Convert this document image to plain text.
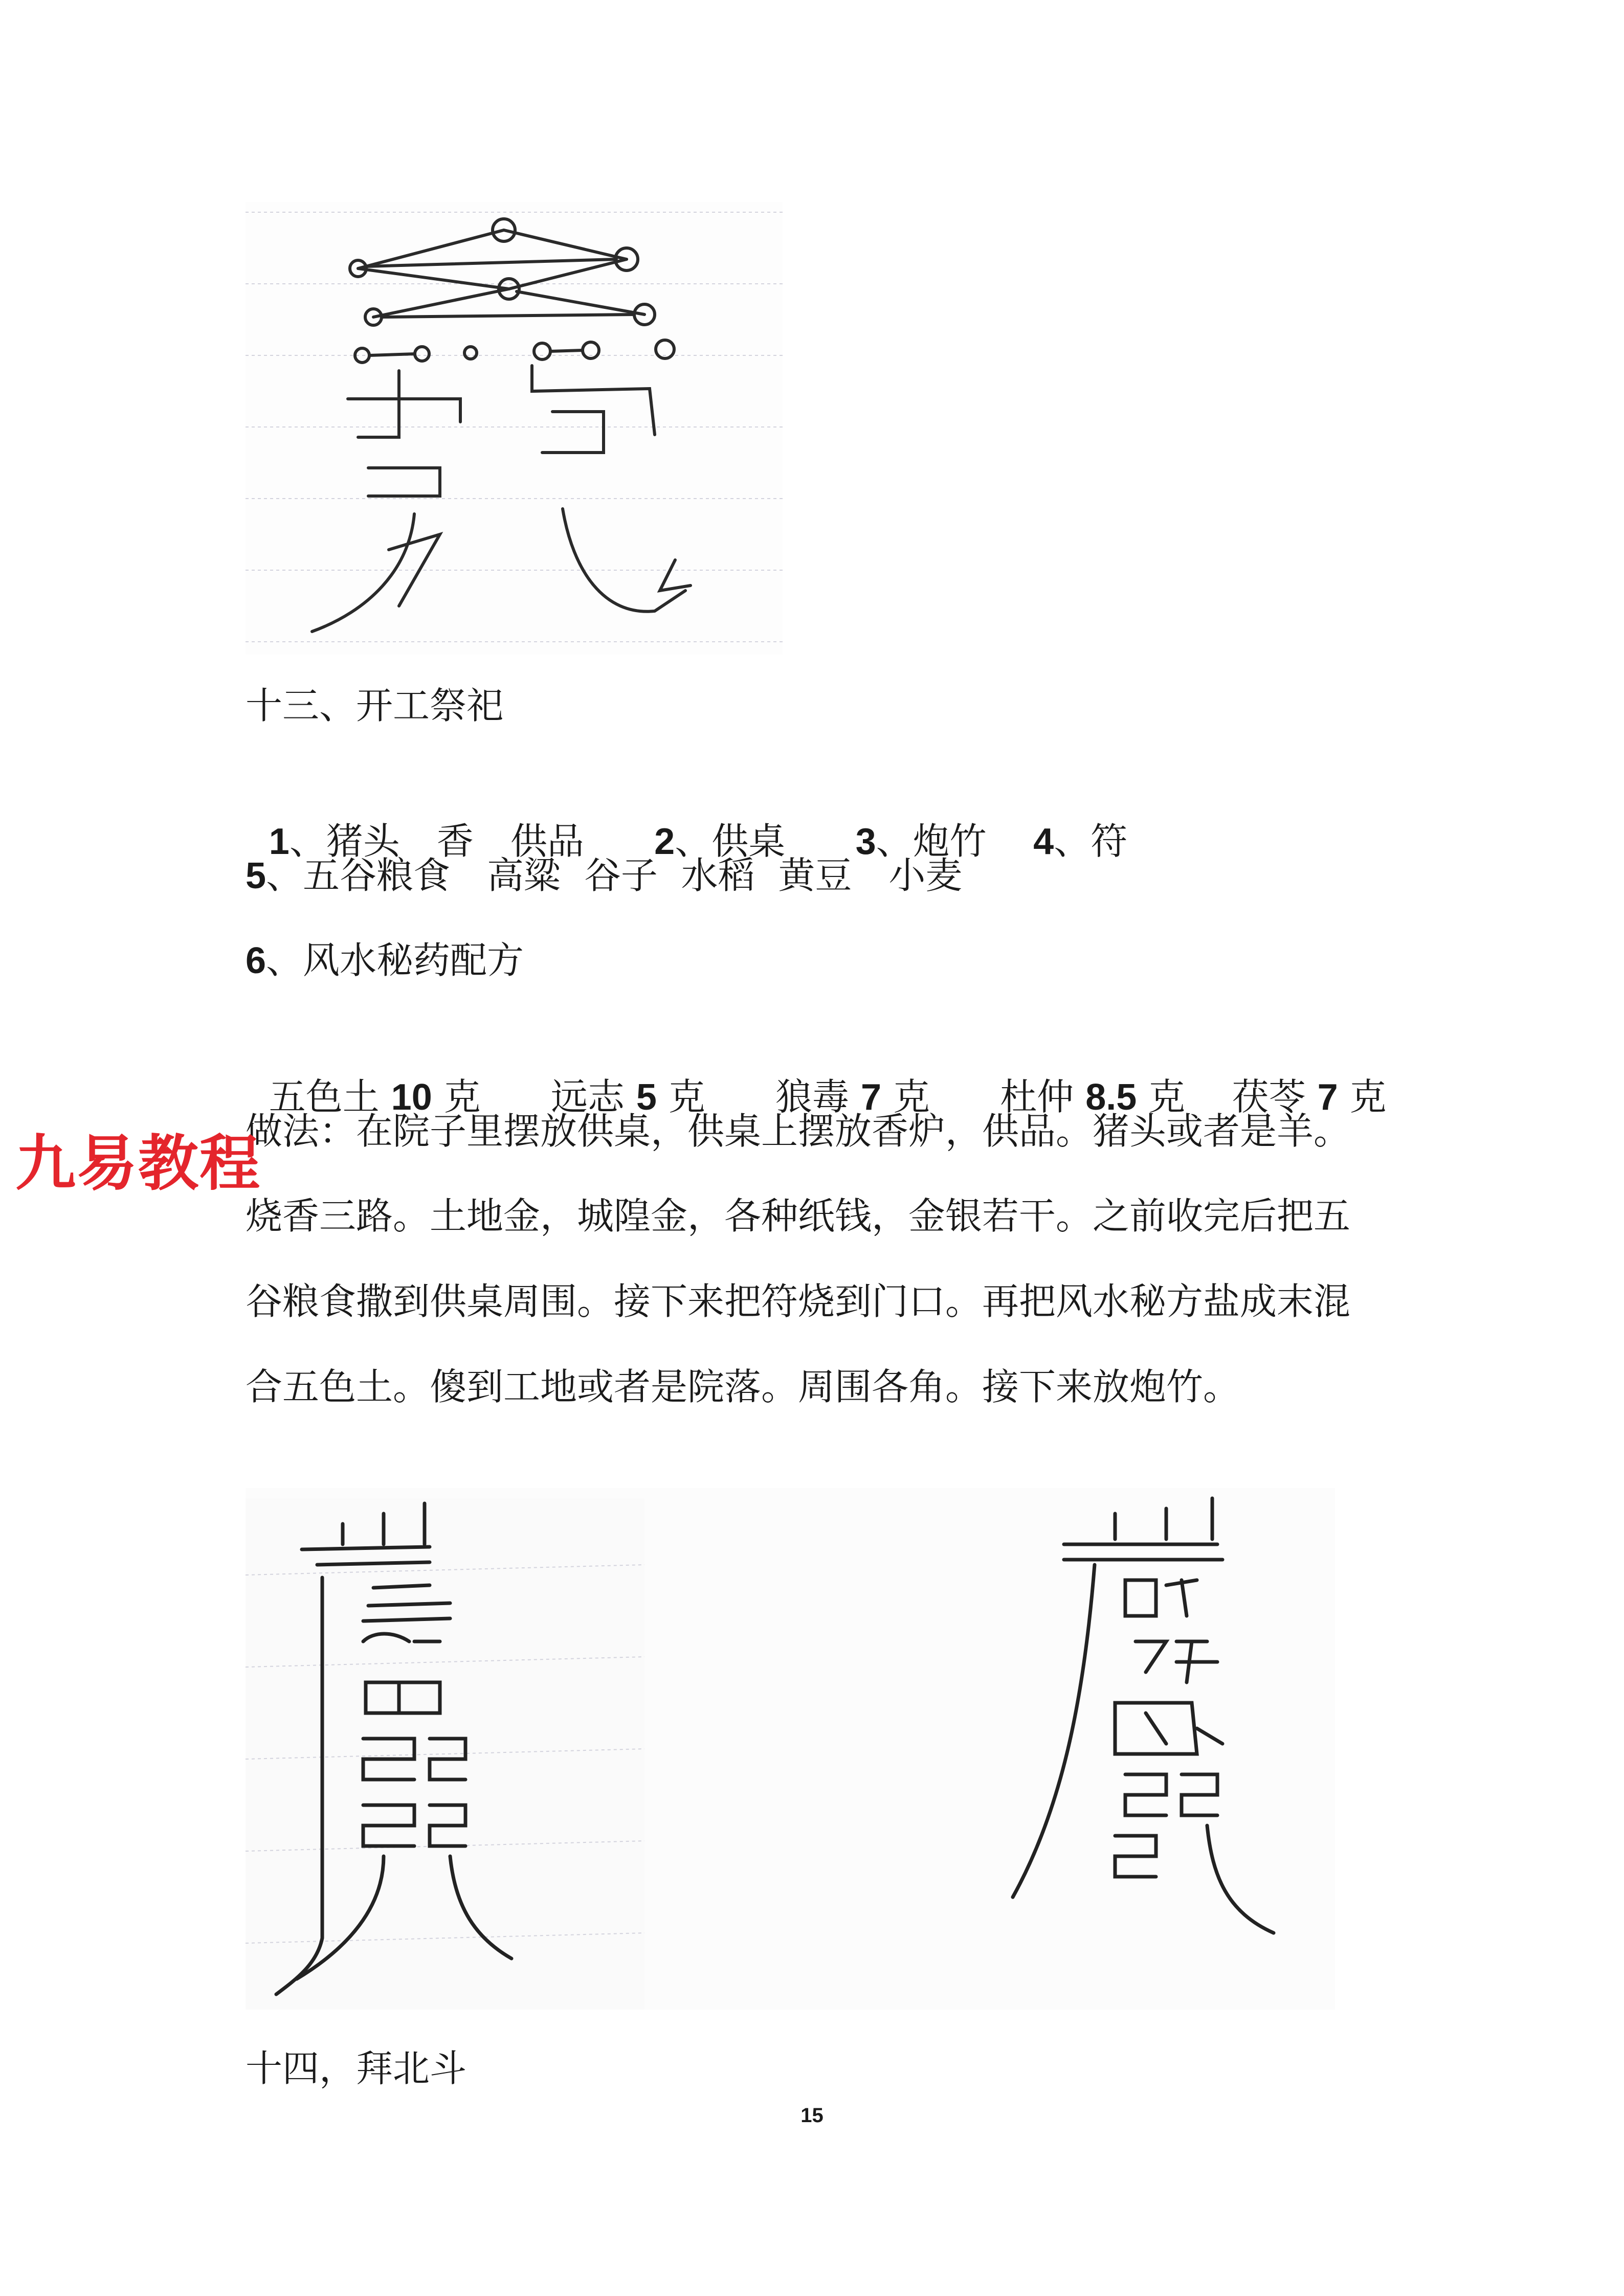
十三、开工祭祀

1、猪头　香　供品 2、供桌 3、炮竹 4、符

5、五谷粮食　高粱  谷子  水稻  黄豆　小麦
6、风水秘药配方

五色土 10 克 远志 5 克 狼毒 7 克 杜仲 8.5 克 茯苓 7 克

做法：在院子里摆放供桌，供桌上摆放香炉，供品。猪头或者是羊。
烧香三路。土地金，城隍金，各种纸钱，金银若干。之前收完后把五
谷粮食撒到供桌周围。接下来把符烧到门口。再把风水秘方盐成末混
合五色土。傻到工地或者是院落。周围各角。接下来放炮竹。
九易教程
十四，拜北斗
15
